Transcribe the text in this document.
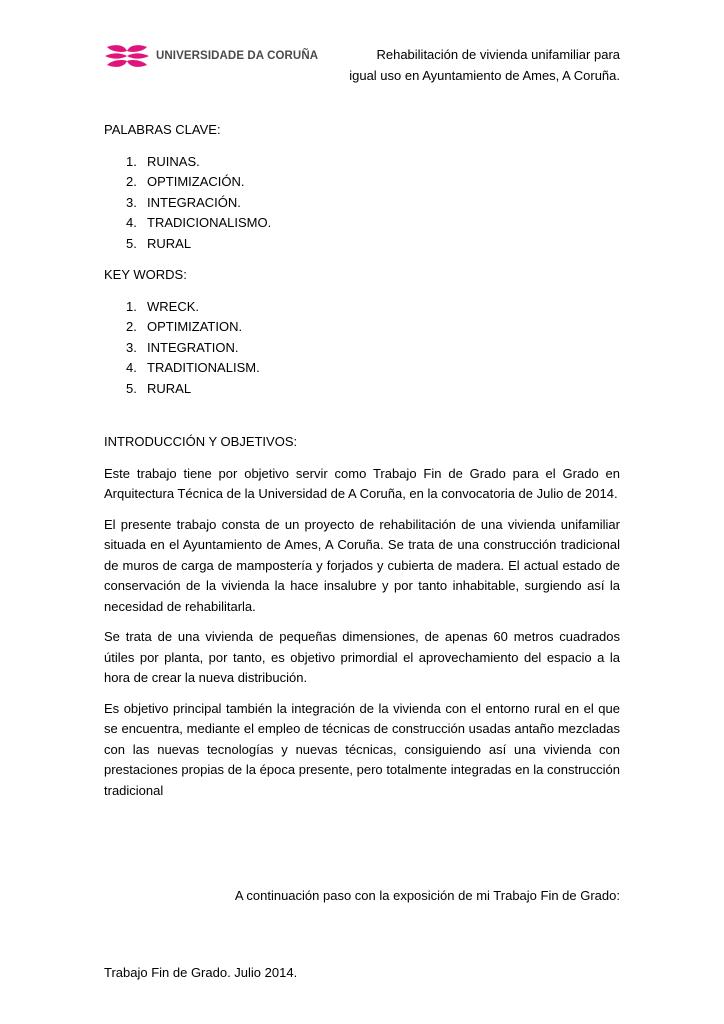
UNIVERSIDADE DA CORUÑA	Rehabilitación de vivienda unifamiliar para
igual uso en Ayuntamiento de Ames, A Coruña.
PALABRAS CLAVE:
1. RUINAS.
2. OPTIMIZACIÓN.
3. INTEGRACIÓN.
4. TRADICIONALISMO.
5. RURAL
KEY WORDS:
1. WRECK.
2. OPTIMIZATION.
3. INTEGRATION.
4. TRADITIONALISM.
5. RURAL
INTRODUCCIÓN Y OBJETIVOS:

Este trabajo tiene por objetivo servir como Trabajo Fin de Grado para el Grado en Arquitectura Técnica de la Universidad de A Coruña, en la convocatoria de Julio de 2014.

El presente trabajo consta de un proyecto de rehabilitación de una vivienda unifamiliar situada en el Ayuntamiento de Ames, A Coruña. Se trata de una construcción tradicional de muros de carga de mampostería y forjados y cubierta de madera. El actual estado de conservación de la vivienda la hace insalubre y por tanto inhabitable, surgiendo así la necesidad de rehabilitarla.

Se trata de una vivienda de pequeñas dimensiones, de apenas 60 metros cuadrados útiles por planta, por tanto, es objetivo primordial el aprovechamiento del espacio a la hora de crear la nueva distribución.

Es objetivo principal también la integración de la vivienda con el entorno rural en el que se encuentra, mediante el empleo de técnicas de construcción usadas antaño mezcladas con las nuevas tecnologías y nuevas técnicas, consiguiendo así una vivienda con prestaciones propias de la época presente, pero totalmente integradas en la construcción tradicional

A continuación paso con la exposición de mi Trabajo Fin de Grado:
Trabajo Fin de Grado. Julio 2014.
